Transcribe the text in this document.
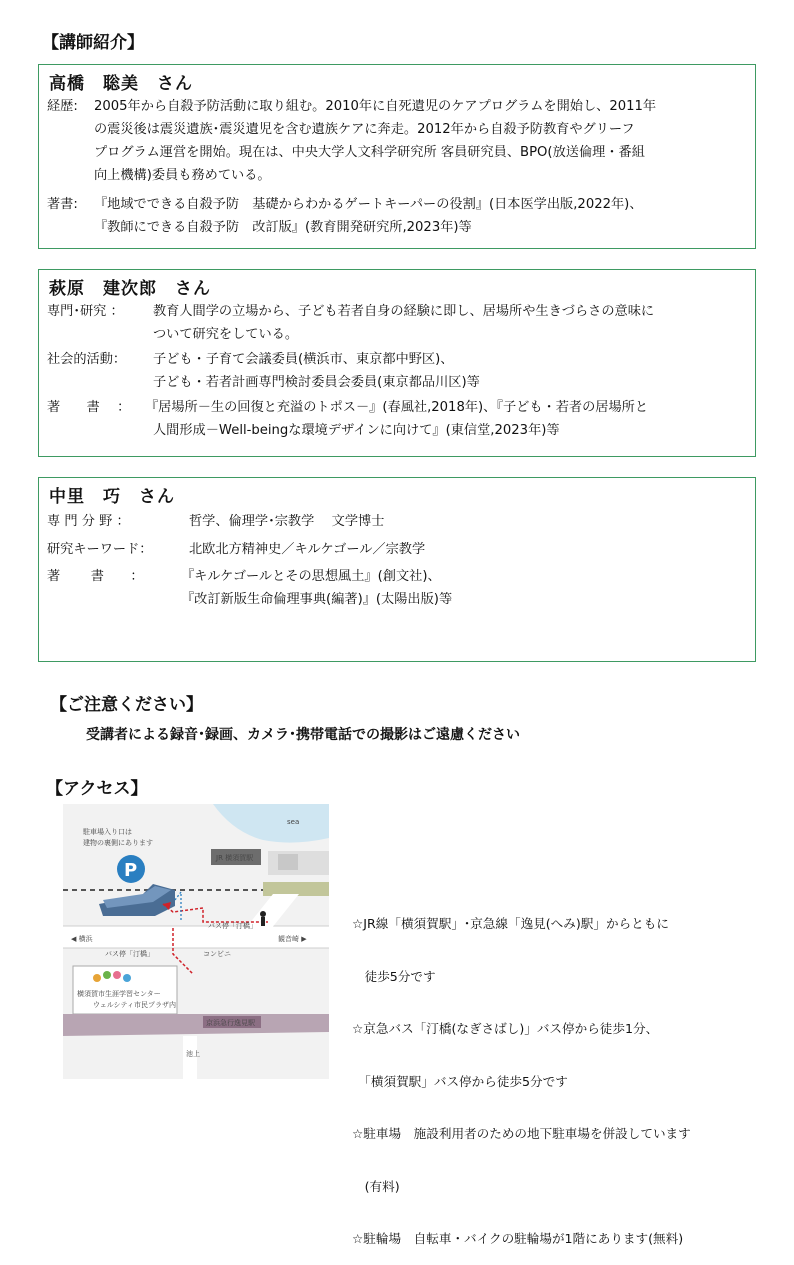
【講師紹介】
高橋　聡美　さん
経歴: 2005年から自殺予防活動に取り組む。2010年に自死遺児のケアプログラムを開始し、2011年
の震災後は震災遺族･震災遺児を含む遺族ケアに奔走。2012年から自殺予防教育やグリーフ
プログラム運営を開始。現在は、中央大学人文科学研究所 客員研究員、BPO(放送倫理・番組
向上機構)委員も務めている。
著書: 『地域でできる自殺予防　基礎からわかるゲートキーパーの役割』(日本医学出版,2022年)、
『教師にできる自殺予防　改訂版』(教育開発研究所,2023年)等
萩原　建次郎　さん
専門･研究 ： 教育人間学の立場から、子ども若者自身の経験に即し、居場所や生きづらさの意味に
ついて研究をしている。
社会的活動： 子ども・子育て会議委員(横浜市、東京都中野区)、
子ども・若者計画専門検討委員会委員(東京都品川区)等
著　　書　 ： 『居場所－生の回復と充溢のトポス－』(春風社,2018年)、『子ども・若者の居場所と
人間形成－Well-beingな環境デザインに向けて』(東信堂,2023年)等
中里　巧　さん
専 門 分 野 ：	哲学、倫理学･宗教学　 文学博士
研究キーワード：	北欧北方精神史／キルケゴール／宗教学
著　　 書　　：	『キルケゴールとその思想風土』(創文社)、
『改訂新版生命倫理事典(編著)』(太陽出版)等
【ご注意ください】
受講者による録音･録画、カメラ･携帯電話での撮影はご遠慮ください
【アクセス】
sea
JR 横須賀駅
P
駐車場入り口は
建物の裏側にあります
バス停「汀橋」
◀ 横浜	観音崎 ▶
バス停「汀橋」	コンビニ
横須賀市生涯学習センター
ウェルシティ市民プラザ内
京浜急行逸見駅
池上

☆JR線「横須賀駅」･京急線「逸見(へみ)駅」からともに

　徒歩5分です

☆京急バス「汀橋(なぎさばし)」バス停から徒歩1分、

　「横須賀駅」バス停から徒歩5分です

☆駐車場　施設利用者のための地下駐車場を併設しています

　(有料)

☆駐輪場　自転車・バイクの駐輪場が1階にあります(無料)
